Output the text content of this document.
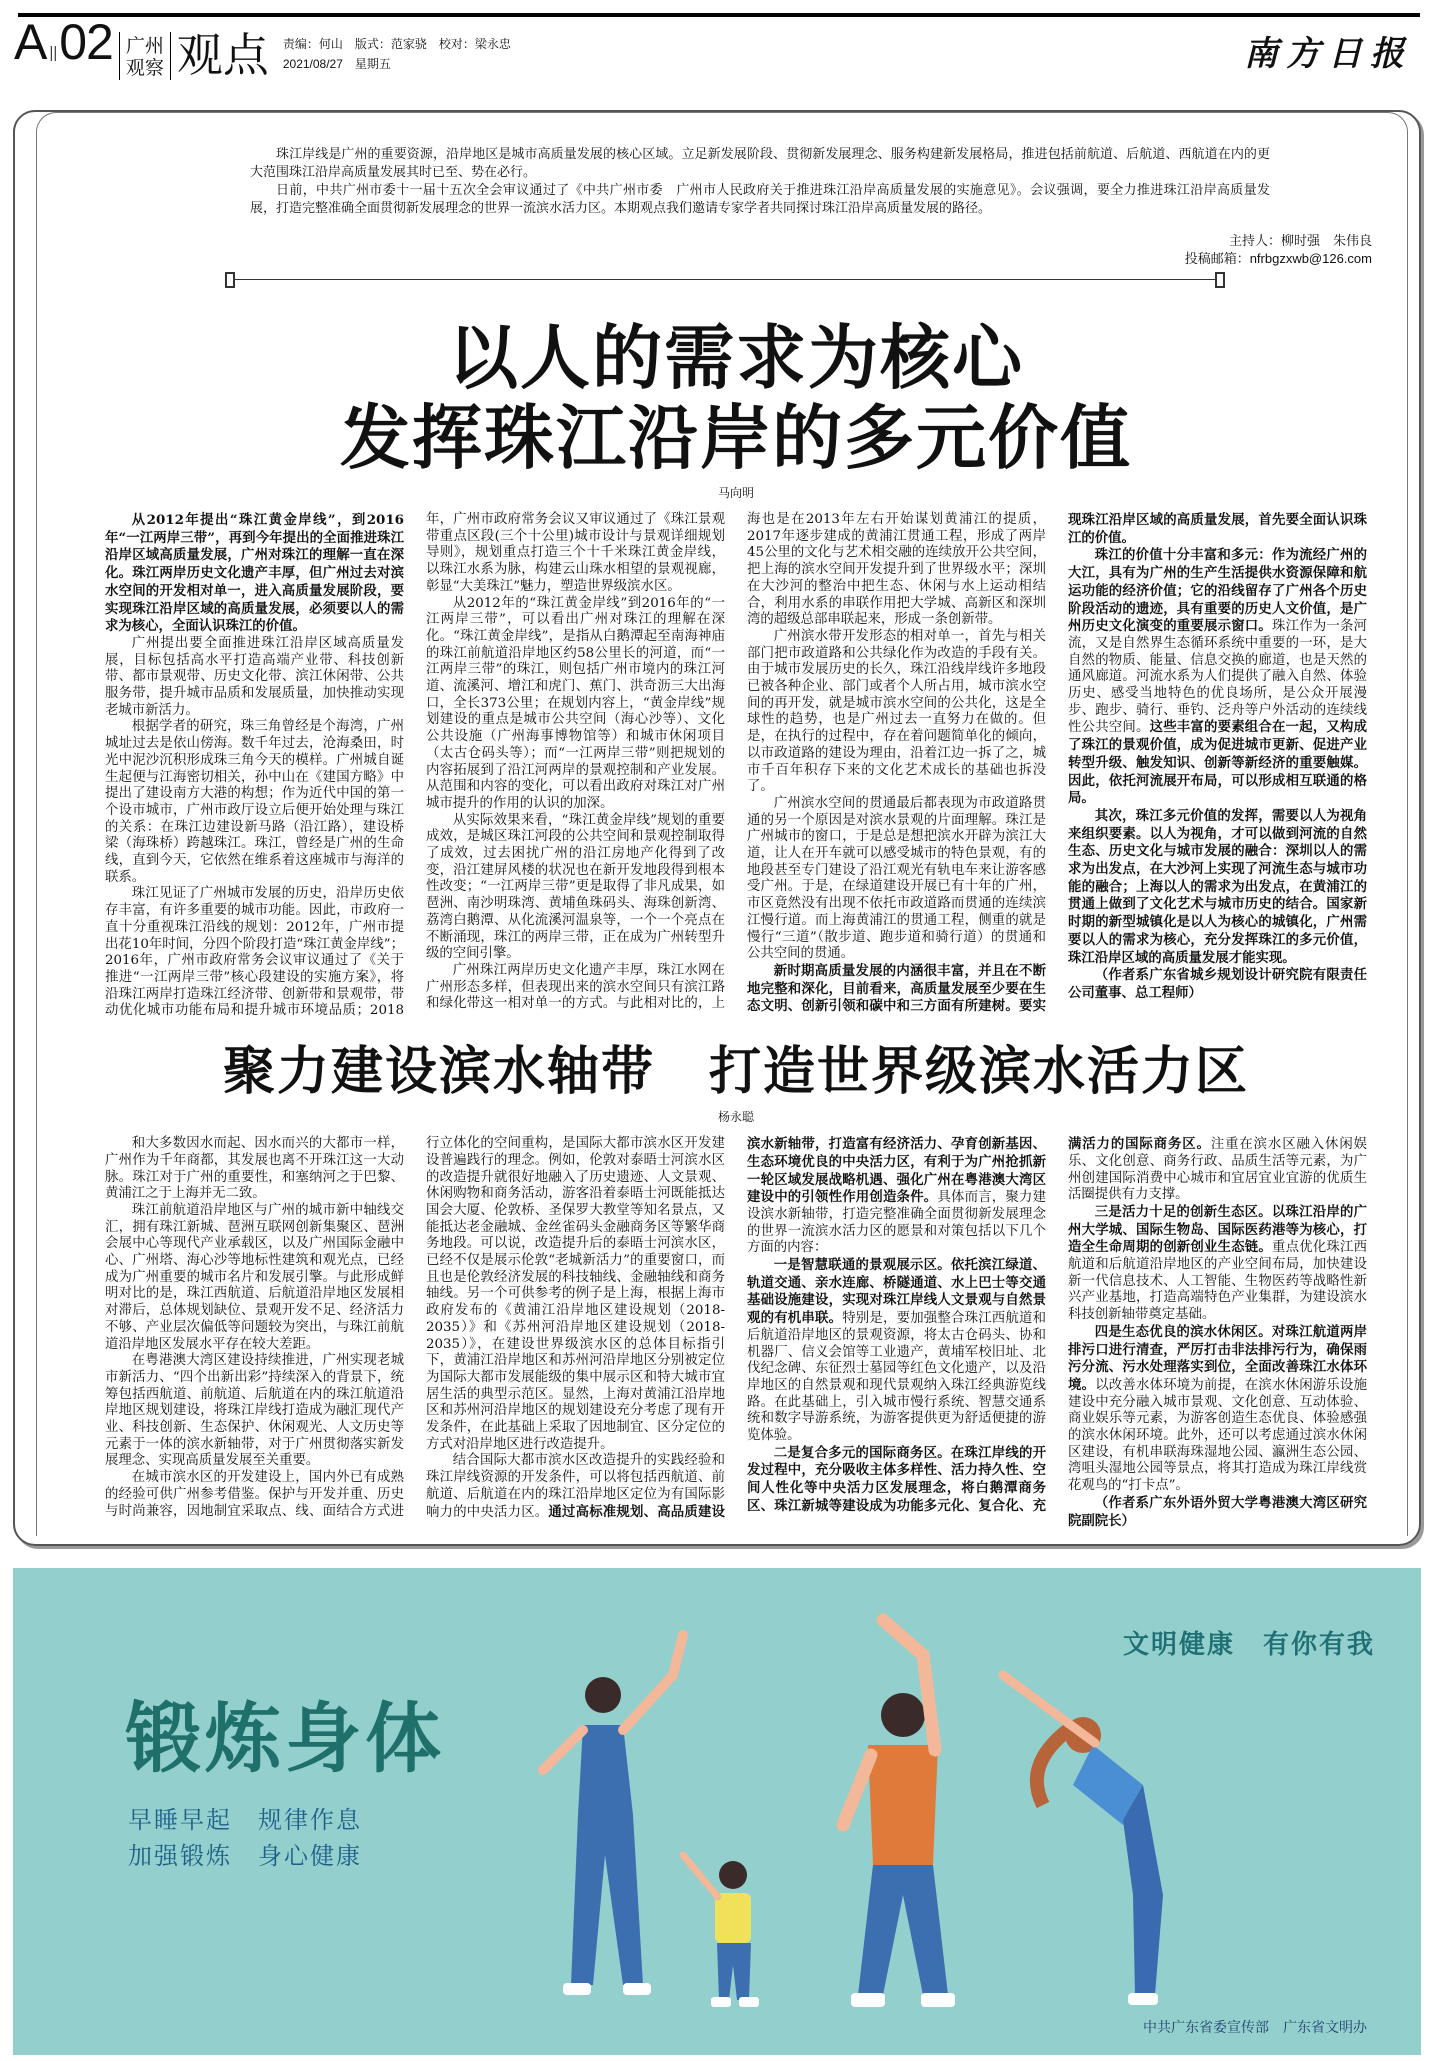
A $_Ⅱ$02 广州
观察 观点 责编：何山　版式：范家骁　校对：梁永忠
2021/08/27　星期五	南方日报

珠江岸线是广州的重要资源，沿岸地区是城市高质量发展的核心区域。立足新发展阶段、贯彻新发展理念、服务构建新发展格局，推进包括前航道、后航道、西航道在内的更大范围珠江沿岸高质量发展其时已至、势在必行。

日前，中共广州市委十一届十五次全会审议通过了《中共广州市委　广州市人民政府关于推进珠江沿岸高质量发展的实施意见》。会议强调，要全力推进珠江沿岸高质量发展，打造完整准确全面贯彻新发展理念的世界一流滨水活力区。本期观点我们邀请专家学者共同探讨珠江沿岸高质量发展的路径。

主持人：柳时强　朱伟良
投稿邮箱：nfrbgzxwb@126.com
以人的需求为核心
发挥珠江沿岸的多元价值
马向明

从2012年提出“珠江黄金岸线”，到2016年“一江两岸三带”，再到今年提出的全面推进珠江沿岸区域高质量发展，广州对珠江的理解一直在深化。珠江两岸历史文化遗产丰厚，但广州过去对滨水空间的开发相对单一，进入高质量发展阶段，要实现珠江沿岸区域的高质量发展，必须要以人的需求为核心，全面认识珠江的价值。

广州提出要全面推进珠江沿岸区域高质量发展，目标包括高水平打造高端产业带、科技创新带、都市景观带、历史文化带、滨江休闲带、公共服务带，提升城市品质和发展质量，加快推动实现老城市新活力。

根据学者的研究，珠三角曾经是个海湾，广州城址过去是依山傍海。数千年过去，沧海桑田，时光中泥沙沉积形成珠三角今天的模样。广州城自诞生起便与江海密切相关，孙中山在《建国方略》中提出了建设南方大港的构想；作为近代中国的第一个设市城市，广州市政厅设立后便开始处理与珠江的关系：在珠江边建设新马路（沿江路），建设桥梁（海珠桥）跨越珠江。珠江，曾经是广州的生命线，直到今天，它依然在维系着这座城市与海洋的联系。

珠江见证了广州城市发展的历史，沿岸历史依存丰富，有许多重要的城市功能。因此，市政府一直十分重视珠江沿线的规划：2012年，广州市提出花10年时间，分四个阶段打造“珠江黄金岸线”；2016年，广州市政府常务会议审议通过了《关于推进“一江两岸三带”核心段建设的实施方案》，将沿珠江两岸打造珠江经济带、创新带和景观带，带动优化城市功能布局和提升城市环境品质；2018年，广州市政府常务会议又审议通过了《珠江景观带重点区段(三个十公里)城市设计与景观详细规划导则》，规划重点打造三个十千米珠江黄金岸线，以珠江水系为脉，构建云山珠水相望的景观视廊，彰显“大美珠江”魅力，塑造世界级滨水区。

从2012年的“珠江黄金岸线”到2016年的“一江两岸三带”，可以看出广州对珠江的理解在深化。“珠江黄金岸线”，是指从白鹅潭起至南海神庙的珠江前航道沿岸地区约58公里长的河道，而“一江两岸三带”的珠江，则包括广州市境内的珠江河道、流溪河、增江和虎门、蕉门、洪奇沥三大出海口，全长373公里；在规划内容上，“黄金岸线”规划建设的重点是城市公共空间（海心沙等）、文化公共设施（广州海事博物馆等）和城市休闲项目（太古仓码头等）；而“一江两岸三带”则把规划的内容拓展到了沿江河两岸的景观控制和产业发展。从范围和内容的变化，可以看出政府对珠江对广州城市提升的作用的认识的加深。

从实际效果来看，“珠江黄金岸线”规划的重要成效，是城区珠江河段的公共空间和景观控制取得了成效，过去困扰广州的沿江房地产化得到了改变，沿江建屏风楼的状况也在新开发地段得到根本性改变；“一江两岸三带”更是取得了非凡成果，如琶洲、南沙明珠湾、黄埔鱼珠码头、海珠创新湾、荔湾白鹅潭、从化流溪河温泉等，一个一个亮点在不断涌现，珠江的两岸三带，正在成为广州转型升级的空间引擎。

广州珠江两岸历史文化遗产丰厚，珠江水网在广州形态多样，但表现出来的滨水空间只有滨江路和绿化带这一相对单一的方式。与此相对比的，上海也是在2013年左右开始谋划黄浦江的提质，2017年逐步建成的黄浦江贯通工程，形成了两岸45公里的文化与艺术相交融的连续放开公共空间，把上海的滨水空间开发提升到了世界级水平；深圳在大沙河的整治中把生态、休闲与水上运动相结合，利用水系的串联作用把大学城、高新区和深圳湾的超级总部串联起来，形成一条创新带。

广州滨水带开发形态的相对单一，首先与相关部门把市政道路和公共绿化作为改造的手段有关。由于城市发展历史的长久，珠江沿线岸线许多地段已被各种企业、部门或者个人所占用，城市滨水空间的再开发，就是城市滨水空间的公共化，这是全球性的趋势，也是广州过去一直努力在做的。但是，在执行的过程中，存在着问题简单化的倾向，以市政道路的建设为理由，沿着江边一拆了之，城市千百年积存下来的文化艺术成长的基础也拆没了。

广州滨水空间的贯通最后都表现为市政道路贯通的另一个原因是对滨水景观的片面理解。珠江是广州城市的窗口，于是总是想把滨水开辟为滨江大道，让人在开车就可以感受城市的特色景观，有的地段甚至专门建设了沿江观光有轨电车来让游客感受广州。于是，在绿道建设开展已有十年的广州，市区竟然没有出现不依托市政道路而贯通的连续滨江慢行道。而上海黄浦江的贯通工程，侧重的就是慢行“三道”（散步道、跑步道和骑行道）的贯通和公共空间的贯通。

新时期高质量发展的内涵很丰富，并且在不断地完整和深化，目前看来，高质量发展至少要在生态文明、创新引领和碳中和三方面有所建树。要实现珠江沿岸区域的高质量发展，首先要全面认识珠江的价值。

珠江的价值十分丰富和多元：作为流经广州的大江，具有为广州的生产生活提供水资源保障和航运功能的经济价值；它的沿线留存了广州各个历史阶段活动的遗迹，具有重要的历史人文价值，是广州历史文化演变的重要展示窗口。珠江作为一条河流，又是自然界生态循环系统中重要的一环，是大自然的物质、能量、信息交换的廊道，也是天然的通风廊道。河流水系为人们提供了融入自然、体验历史、感受当地特色的优良场所，是公众开展漫步、跑步、骑行、垂钓、泛舟等户外活动的连续线性公共空间。这些丰富的要素组合在一起，又构成了珠江的景观价值，成为促进城市更新、促进产业转型升级、触发知识、创新等新经济的重要触媒。因此，依托河流展开布局，可以形成相互联通的格局。

其次，珠江多元价值的发挥，需要以人为视角来组织要素。以人为视角，才可以做到河流的自然生态、历史文化与城市发展的融合：深圳以人的需求为出发点，在大沙河上实现了河流生态与城市功能的融合；上海以人的需求为出发点，在黄浦江的贯通上做到了文化艺术与城市历史的结合。国家新时期的新型城镇化是以人为核心的城镇化，广州需要以人的需求为核心，充分发挥珠江的多元价值，珠江沿岸区域的高质量发展才能实现。

（作者系广东省城乡规划设计研究院有限责任公司董事、总工程师）

聚力建设滨水轴带　打造世界级滨水活力区
杨永聪

和大多数因水而起、因水而兴的大都市一样，广州作为千年商都，其发展也离不开珠江这一大动脉。珠江对于广州的重要性，和塞纳河之于巴黎、黄浦江之于上海并无二致。

珠江前航道沿岸地区与广州的城市新中轴线交汇，拥有珠江新城、琶洲互联网创新集聚区、琶洲会展中心等现代产业承载区，以及广州国际金融中心、广州塔、海心沙等地标性建筑和观光点，已经成为广州重要的城市名片和发展引擎。与此形成鲜明对比的是，珠江西航道、后航道沿岸地区发展相对滞后，总体规划缺位、景观开发不足、经济活力不够、产业层次偏低等问题较为突出，与珠江前航道沿岸地区发展水平存在较大差距。

在粤港澳大湾区建设持续推进，广州实现老城市新活力、“四个出新出彩”持续深入的背景下，统筹包括西航道、前航道、后航道在内的珠江航道沿岸地区规划建设，将珠江岸线打造成为融汇现代产业、科技创新、生态保护、休闲观光、人文历史等元素于一体的滨水新轴带，对于广州贯彻落实新发展理念、实现高质量发展至关重要。

在城市滨水区的开发建设上，国内外已有成熟的经验可供广州参考借鉴。保护与开发并重、历史与时尚兼容，因地制宜采取点、线、面结合方式进行立体化的空间重构，是国际大都市滨水区开发建设普遍践行的理念。例如，伦敦对泰晤士河滨水区的改造提升就很好地融入了历史遗迹、人文景观、休闲购物和商务活动，游客沿着泰晤士河既能抵达国会大厦、伦敦桥、圣保罗大教堂等知名景点，又能抵达老金融城、金丝雀码头金融商务区等繁华商务地段。可以说，改造提升后的泰晤士河滨水区，已经不仅是展示伦敦“老城新活力”的重要窗口，而且也是伦敦经济发展的科技轴线、金融轴线和商务轴线。另一个可供参考的例子是上海，根据上海市政府发布的《黄浦江沿岸地区建设规划（2018-2035）》和《苏州河沿岸地区建设规划（2018-2035）》，在建设世界级滨水区的总体目标指引下，黄浦江沿岸地区和苏州河沿岸地区分别被定位为国际大都市发展能级的集中展示区和特大城市宜居生活的典型示范区。显然，上海对黄浦江沿岸地区和苏州河沿岸地区的规划建设充分考虑了现有开发条件，在此基础上采取了因地制宜、区分定位的方式对沿岸地区进行改造提升。

结合国际大都市滨水区改造提升的实践经验和珠江岸线资源的开发条件，可以将包括西航道、前航道、后航道在内的珠江沿岸地区定位为有国际影响力的中央活力区。通过高标准规划、高品质建设滨水新轴带，打造富有经济活力、孕育创新基因、生态环境优良的中央活力区，有利于为广州抢抓新一轮区域发展战略机遇、强化广州在粤港澳大湾区建设中的引领性作用创造条件。具体而言，聚力建设滨水新轴带，打造完整准确全面贯彻新发展理念的世界一流滨水活力区的愿景和对策包括以下几个方面的内容：

一是智慧联通的景观展示区。依托滨江绿道、轨道交通、亲水连廊、桥隧通道、水上巴士等交通基础设施建设，实现对珠江岸线人文景观与自然景观的有机串联。特别是，要加强整合珠江西航道和后航道沿岸地区的景观资源，将太古仓码头、协和机器厂、信义会馆等工业遗产，黄埔军校旧址、北伐纪念碑、东征烈士墓园等红色文化遗产，以及沿岸地区的自然景观和现代景观纳入珠江经典游览线路。在此基础上，引入城市慢行系统、智慧交通系统和数字导游系统，为游客提供更为舒适便捷的游览体验。

二是复合多元的国际商务区。在珠江岸线的开发过程中，充分吸收主体多样性、活力持久性、空间人性化等中央活力区发展理念，将白鹅潭商务区、珠江新城等建设成为功能多元化、复合化、充满活力的国际商务区。注重在滨水区融入休闲娱乐、文化创意、商务行政、品质生活等元素，为广州创建国际消费中心城市和宜居宜业宜游的优质生活圈提供有力支撑。

三是活力十足的创新生态区。以珠江沿岸的广州大学城、国际生物岛、国际医药港等为核心，打造全生命周期的创新创业生态链。重点优化珠江西航道和后航道沿岸地区的产业空间布局，加快建设新一代信息技术、人工智能、生物医药等战略性新兴产业基地，打造高端特色产业集群，为建设滨水科技创新轴带奠定基础。

四是生态优良的滨水休闲区。对珠江航道两岸排污口进行清查，严厉打击非法排污行为，确保雨污分流、污水处理落实到位，全面改善珠江水体环境。以改善水体环境为前提，在滨水休闲游乐设施建设中充分融入城市景观、文化创意、互动体验、商业娱乐等元素，为游客创造生态优良、体验感强的滨水休闲环境。此外，还可以考虑通过滨水休闲区建设，有机串联海珠湿地公园、瀛洲生态公园、湾咀头湿地公园等景点，将其打造成为珠江岸线赏花观鸟的“打卡点”。

（作者系广东外语外贸大学粤港澳大湾区研究院副院长）

文明健康　有你有我
锻炼身体
早睡早起　规律作息
加强锻炼　身心健康
中共广东省委宣传部　广东省文明办
